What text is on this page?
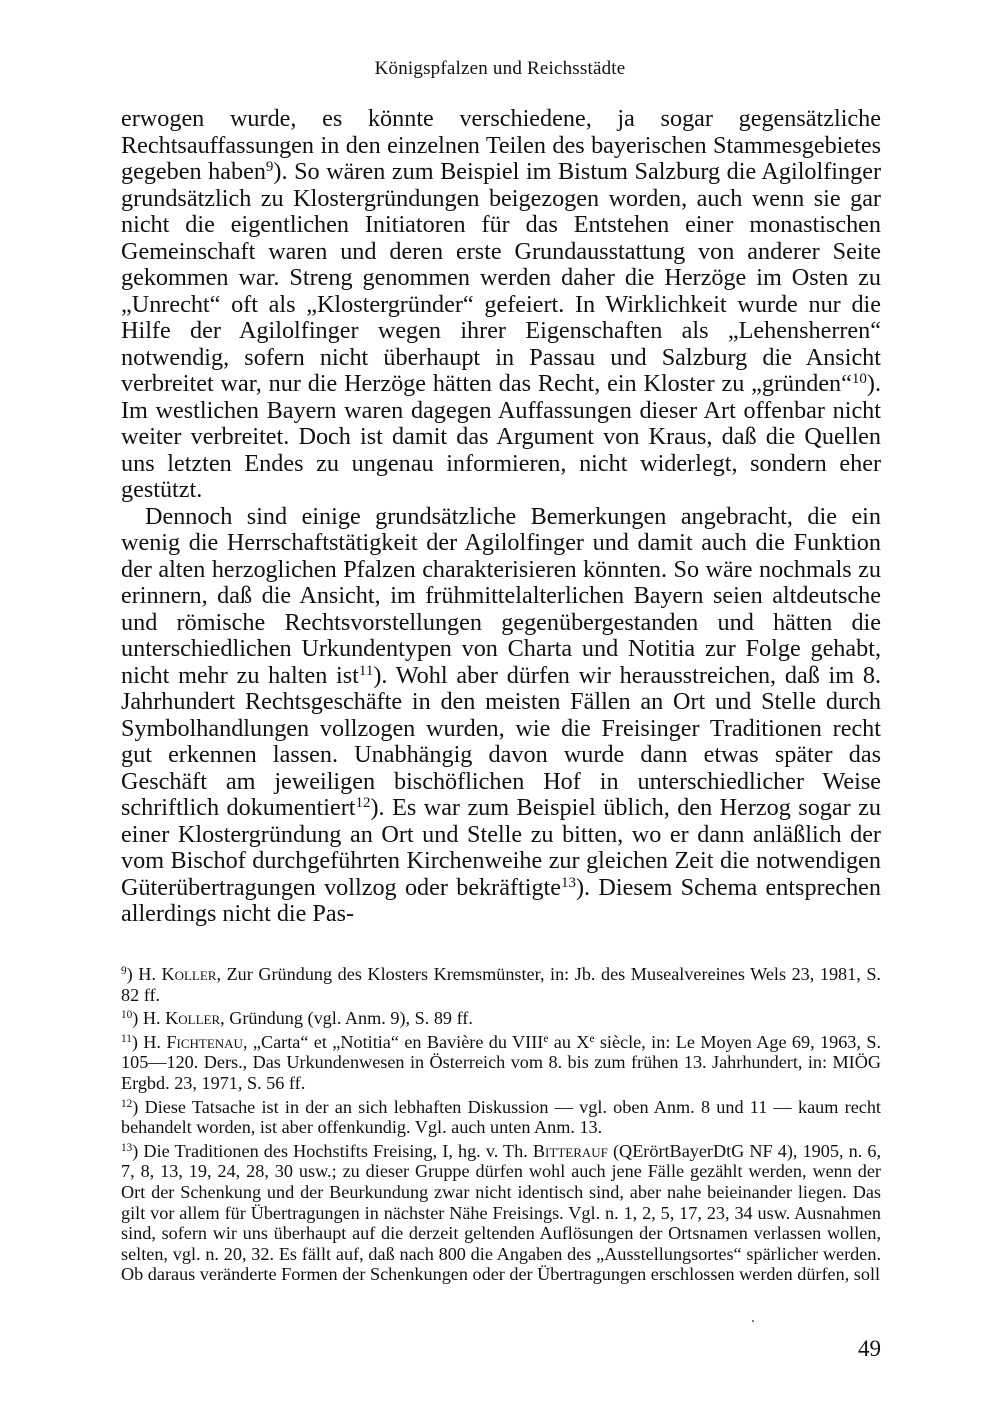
Königspfalzen und Reichsstädte

erwogen wurde, es könnte verschiedene, ja sogar gegensätzliche Rechtsauffassungen in den einzelnen Teilen des bayerischen Stammesgebietes gegeben haben$^9$). So wären zum Beispiel im Bistum Salzburg die Agilolfinger grundsätzlich zu Klostergründungen beigezogen worden, auch wenn sie gar nicht die eigentlichen Initiatoren für das Entstehen einer monastischen Gemeinschaft waren und deren erste Grundausstattung von anderer Seite gekommen war. Streng genommen werden daher die Herzöge im Osten zu „Unrecht“ oft als „Klostergründer“ gefeiert. In Wirklichkeit wurde nur die Hilfe der Agilolfinger wegen ihrer Eigenschaften als „Lehensherren“ notwendig, sofern nicht überhaupt in Passau und Salzburg die Ansicht verbreitet war, nur die Herzöge hätten das Recht, ein Kloster zu „gründen“$^{10}$). Im westlichen Bayern waren dagegen Auffassungen dieser Art offenbar nicht weiter verbreitet. Doch ist damit das Argument von Kraus, daß die Quellen uns letzten Endes zu ungenau informieren, nicht widerlegt, sondern eher gestützt.

Dennoch sind einige grundsätzliche Bemerkungen angebracht, die ein wenig die Herrschaftstätigkeit der Agilolfinger und damit auch die Funktion der alten herzoglichen Pfalzen charakterisieren könnten. So wäre nochmals zu erinnern, daß die Ansicht, im frühmittelalterlichen Bayern seien altdeutsche und römische Rechtsvorstellungen gegenübergestanden und hätten die unterschiedlichen Urkundentypen von Charta und Notitia zur Folge gehabt, nicht mehr zu halten ist$^{11}$). Wohl aber dürfen wir herausstreichen, daß im 8. Jahrhundert Rechtsgeschäfte in den meisten Fällen an Ort und Stelle durch Symbolhandlungen vollzogen wurden, wie die Freisinger Traditionen recht gut erkennen lassen. Unabhängig davon wurde dann etwas später das Geschäft am jeweiligen bischöflichen Hof in unterschiedlicher Weise schriftlich dokumentiert$^{12}$). Es war zum Beispiel üblich, den Herzog sogar zu einer Klostergründung an Ort und Stelle zu bitten, wo er dann anläßlich der vom Bischof durchgeführten Kirchenweihe zur gleichen Zeit die notwendigen Güterübertragungen vollzog oder bekräftigte$^{13}$). Diesem Schema entsprechen allerdings nicht die Pas-

$^9$) H. Koller, Zur Gründung des Klosters Kremsmünster, in: Jb. des Musealvereines Wels 23, 1981, S. 82 ff.

$^{10}$) H. Koller, Gründung (vgl. Anm. 9), S. 89 ff.

$^{11}$) H. Fichtenau, „Carta“ et „Notitia“ en Bavière du VIIIe au Xe siècle, in: Le Moyen Age 69, 1963, S. 105—120. Ders., Das Urkundenwesen in Österreich vom 8. bis zum frühen 13. Jahrhundert, in: MIÖG Ergbd. 23, 1971, S. 56 ff.

$^{12}$) Diese Tatsache ist in der an sich lebhaften Diskussion — vgl. oben Anm. 8 und 11 — kaum recht behandelt worden, ist aber offenkundig. Vgl. auch unten Anm. 13.

$^{13}$) Die Traditionen des Hochstifts Freising, I, hg. v. Th. Bitterauf (QErörtBayerDtG NF 4), 1905, n. 6, 7, 8, 13, 19, 24, 28, 30 usw.; zu dieser Gruppe dürfen wohl auch jene Fälle gezählt werden, wenn der Ort der Schenkung und der Beurkundung zwar nicht identisch sind, aber nahe beieinander liegen. Das gilt vor allem für Übertragungen in nächster Nähe Freisings. Vgl. n. 1, 2, 5, 17, 23, 34 usw. Ausnahmen sind, sofern wir uns überhaupt auf die derzeit geltenden Auflösungen der Ortsnamen verlassen wollen, selten, vgl. n. 20, 32. Es fällt auf, daß nach 800 die Angaben des „Ausstellungsortes“ spärlicher werden. Ob daraus veränderte Formen der Schenkungen oder der Übertragungen erschlossen werden dürfen, soll

49
